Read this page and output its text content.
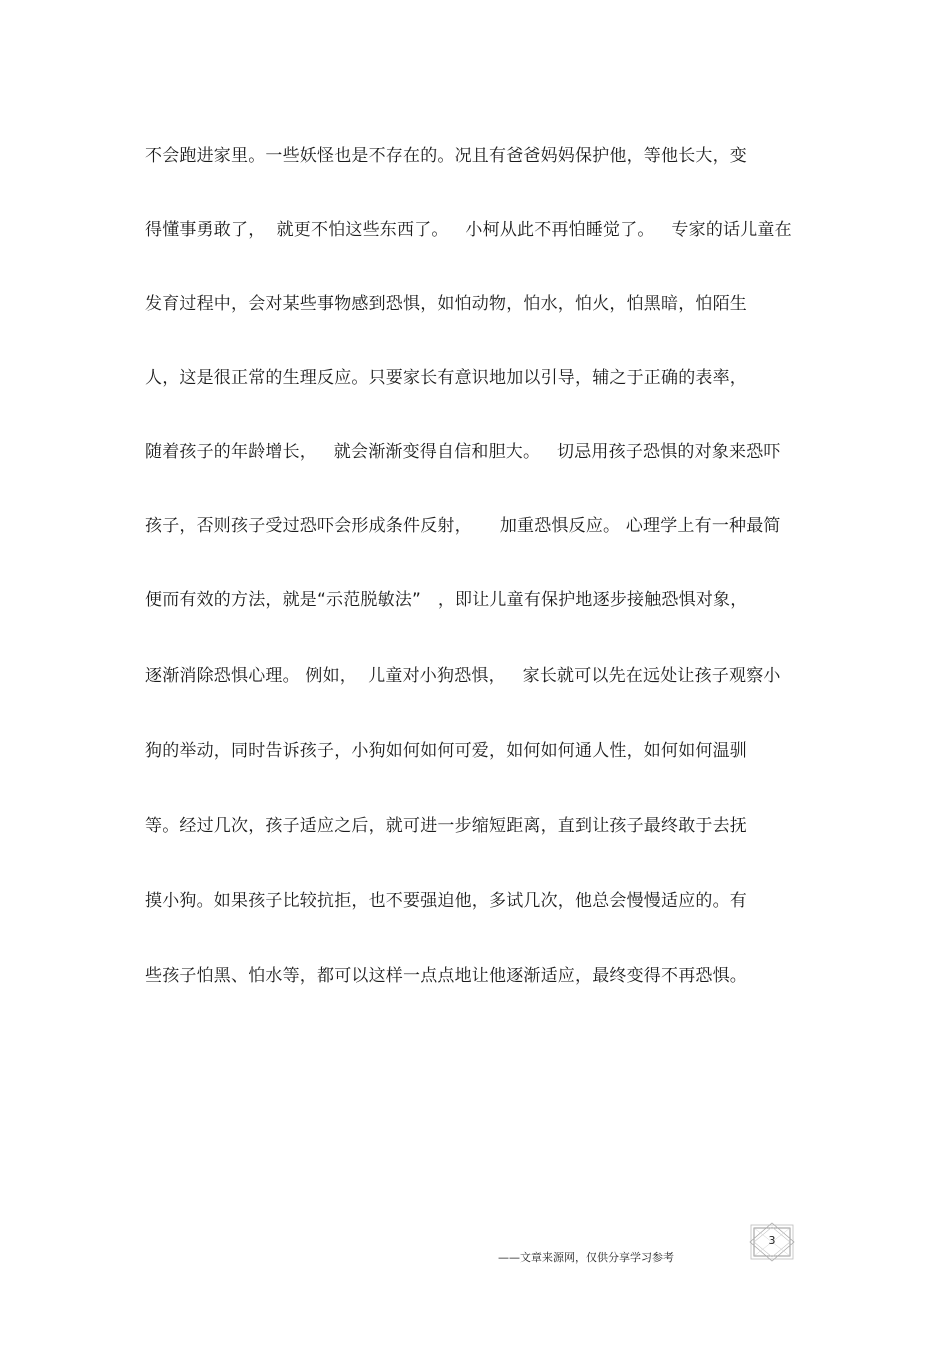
不会跑进家里。一些妖怪也是不存在的。况且有爸爸妈妈保护他，等他长大，变
得懂事勇敢了，  就更不怕这些东西了。   小柯从此不再怕睡觉了。   专家的话儿童在
发育过程中，会对某些事物感到恐惧，如怕动物，怕水，怕火，怕黑暗，怕陌生
人，这是很正常的生理反应。只要家长有意识地加以引导，辅之于正确的表率，
随着孩子的年龄增长，   就会渐渐变得自信和胆大。   切忌用孩子恐惧的对象来恐吓
孩子，否则孩子受过恐吓会形成条件反射，     加重恐惧反应。 心理学上有一种最简
便而有效的方法，就是“示范脱敏法”   ，即让儿童有保护地逐步接触恐惧对象，
逐渐消除恐惧心理。 例如，  儿童对小狗恐惧，   家长就可以先在远处让孩子观察小
狗的举动，同时告诉孩子，小狗如何如何可爱，如何如何通人性，如何如何温驯
等。经过几次，孩子适应之后，就可进一步缩短距离，直到让孩子最终敢于去抚
摸小狗。如果孩子比较抗拒，也不要强迫他，多试几次，他总会慢慢适应的。有
些孩子怕黑、怕水等，都可以这样一点点地让他逐渐适应，最终变得不再恐惧。
——文章来源网，仅供分享学习参考
3
